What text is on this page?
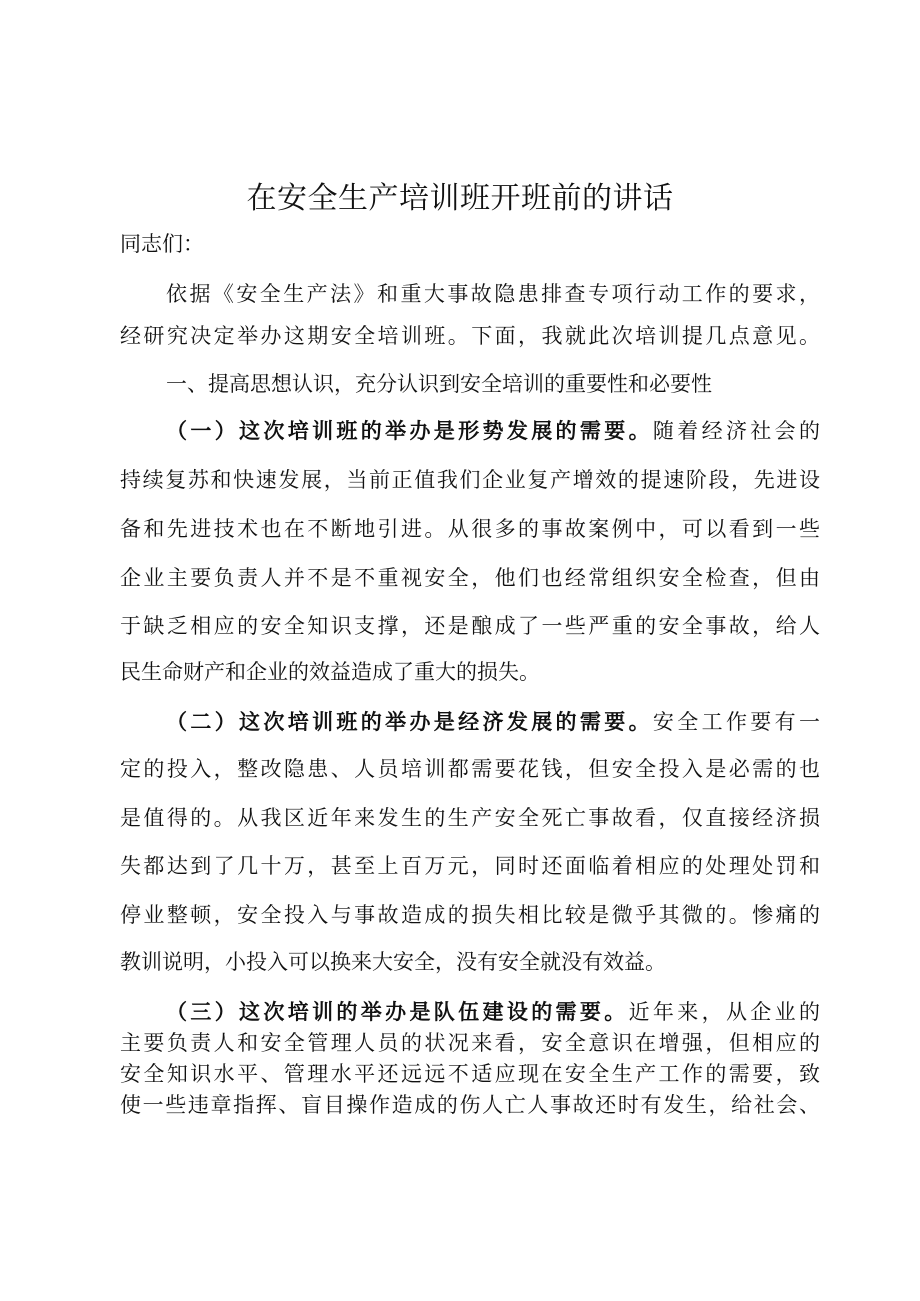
在安全生产培训班开班前的讲话

同志们：

依据《安全生产法》和重大事故隐患排查专项行动工作的要求，

经研究决定举办这期安全培训班。下面，我就此次培训提几点意见。

一、提高思想认识，充分认识到安全培训的重要性和必要性

（一）这次培训班的举办是形势发展的需要。随着经济社会的

持续复苏和快速发展，当前正值我们企业复产增效的提速阶段，先进设

备和先进技术也在不断地引进。从很多的事故案例中，可以看到一些

企业主要负责人并不是不重视安全，他们也经常组织安全检查，但由

于缺乏相应的安全知识支撑，还是酿成了一些严重的安全事故，给人

民生命财产和企业的效益造成了重大的损失。

（二）这次培训班的举办是经济发展的需要。安全工作要有一

定的投入，整改隐患、人员培训都需要花钱，但安全投入是必需的也

是值得的。从我区近年来发生的生产安全死亡事故看，仅直接经济损

失都达到了几十万，甚至上百万元，同时还面临着相应的处理处罚和

停业整顿，安全投入与事故造成的损失相比较是微乎其微的。惨痛的

教训说明，小投入可以换来大安全，没有安全就没有效益。

（三）这次培训的举办是队伍建设的需要。近年来，从企业的

主要负责人和安全管理人员的状况来看，安全意识在增强，但相应的

安全知识水平、管理水平还远远不适应现在安全生产工作的需要，致

使一些违章指挥、盲目操作造成的伤人亡人事故还时有发生，给社会、
